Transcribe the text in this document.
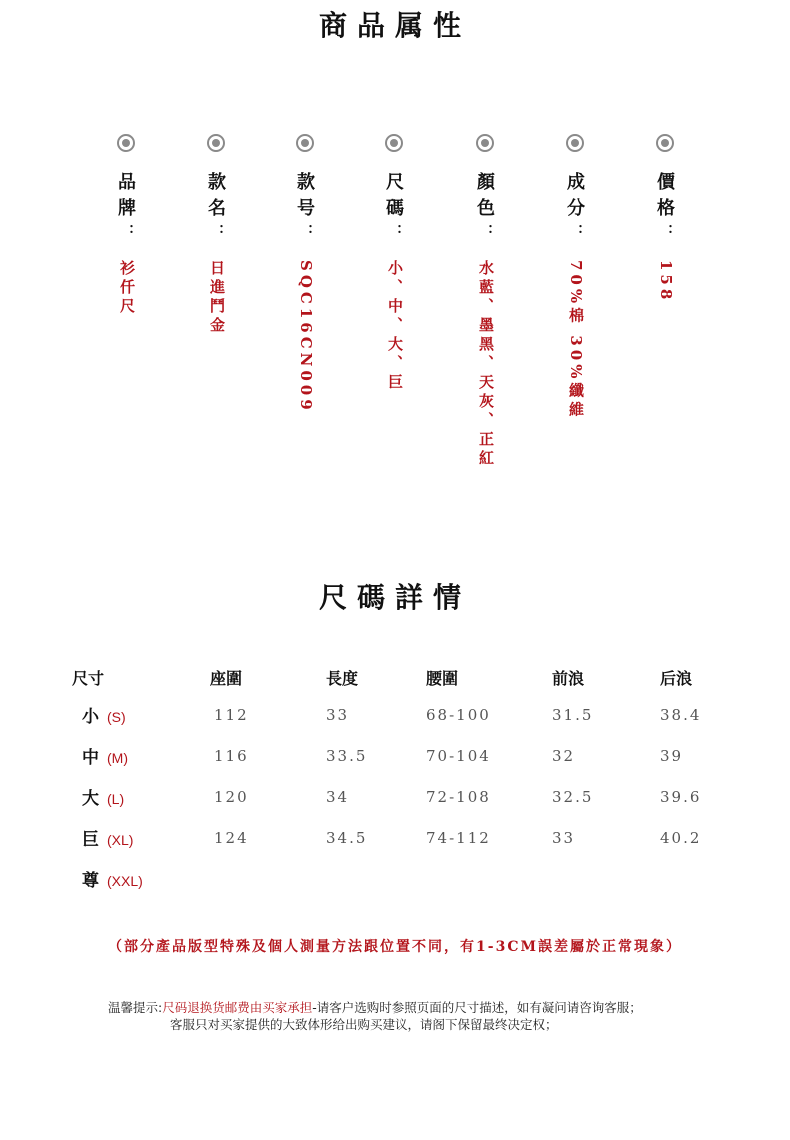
商品属性
品牌
：
衫仟尺
款名
：
日進鬥金
款号
：
SQC16CN009
尺碼
：
小、中、大、巨
顏色
：
水藍、墨黑、天灰、正紅
成分
：
70%棉 30%纖維
價格
：
158
尺碼詳情
尺寸	座圍	長度	腰圍	前浪	后浪
小 (S)	112	33	68-100	31.5	38.4
中 (M)	116	33.5	70-104	32	39
大 (L)	120	34	72-108	32.5	39.6
巨 (XL)	124	34.5	74-112	33	40.2
尊 (XXL)					
（部分產品版型特殊及個人測量方法跟位置不同，有1-3CM誤差屬於正常現象）
温馨提示:尺码退换货邮费由买家承担-请客户选购时参照页面的尺寸描述，如有凝问请咨询客服；
客服只对买家提供的大致体形给出购买建议，请阁下保留最终决定权；
